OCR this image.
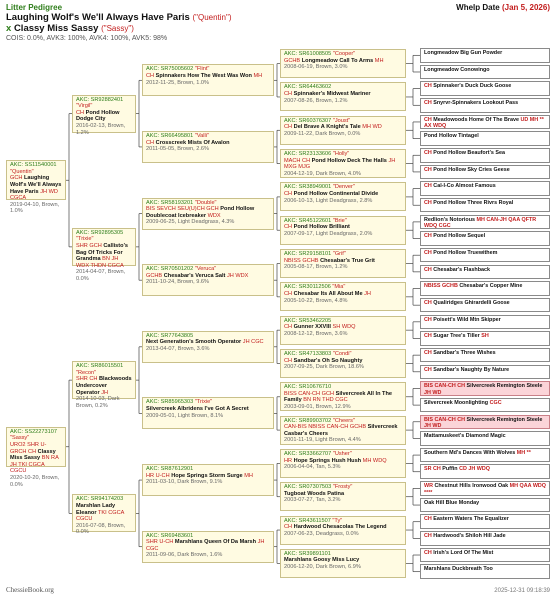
Litter Pedigree	Whelp Date (Jan 5, 2026)
Laughing Wolf's We'll Always Have Paris ("Quentin")
x Classy Miss Sassy ("Sassy")
COIS: 0.0%, AVK3: 100%, AVK4: 100%, AVK5: 98%
AKC: SS11540001 "Quentin"
GCH Laughing Wolf's We'll Always Have Paris JH WD CGCA
2019-04-10, Brown, 1.0%
AKC: SS22273107 "Sassy"
URO2 SHR U-GRCH CH Classy Miss Sassy BN RA JH TKI CGCA CGCU
2020-10-20, Brown, 0.0%
AKC: SR92882401 "Virgil"
CH Pond Hollow Dodge City
2016-02-13, Brown, 1.2%
AKC: SR92895305 "Trixie"
SHR GCH Callisto's Bag Of Tricks For Grandma BN JH WDX THDN CGCA
2014-04-07, Brown, 0.0%
AKC: SR86015501 "Recon"
SHR CH Blackwoods Undercover Operator JH
2014-10-03, Dark Brown, 0.2%
AKC: SR94174203
Marshlan Lady Eleanor TKI CGCA CGCU
2016-07-08, Brown, 0.0%
AKC: SR75005602 "Flint"
CH Spinnakers How The West Was Won MH
2012-11-25, Brown, 1.0%
AKC: SR66495801 "Valli"
CH Crosscreek Mists Of Avalon
2011-05-05, Brown, 2.6%
AKC: SR58193201 "Double"
BIS SEVCH SEU(U)CH GCH Pond Hollow Doublecoat Icebreaker WDX
2009-06-25, Light Deadgrass, 4.3%
AKC: SR70501202 "Veruca"
GCHB Chesabar's Veruca Salt JH WDX
2011-10-24, Brown, 9.6%
AKC: SR77643805
Next Generation's Smooth Operator JH CGC
2013-04-07, Brown, 3.6%
AKC: SR85965303 "Trixie"
Silvercreek Albridens I've Got A Secret
2009-05-01, Light Brown, 8.1%
AKC: SR87612901
HR U-CH Hope Springs Storm Surge MH
2011-03-10, Dark Brown, 9.1%
AKC: SR69483601
SHR U-CH Marshlans Queen Of Da Marsh JH CGC
2011-09-06, Dark Brown, 1.6%
AKC: SR61008505 "Cooper"
GCHB Longmeadow Call To Arms MH
2008-06-19, Brown, 3.0%
AKC: SR64463602
CH Spinnaker's Midwest Mariner
2007-08-26, Brown, 1.2%
AKC: SR60376307 "Joust"
CH Del Brave A Knight's Tale MH WD
2009-11-22, Dark Brown, 0.0%
AKC: SR23133606 "Holly"
MACH CH Pond Hollow Deck The Halls JH MXG MJG
2004-12-19, Dark Brown, 4.0%
AKC: SR38949001 "Denver"
CH Pond Hollow Continental Divide
2006-10-13, Light Deadgrass, 2.8%
AKC: SR45122601 "Brie"
CH Pond Hollow Brilliant
2007-09-17, Light Deadgrass, 2.0%
AKC: SR29158101 "Grif"
NBISS GCHB Chesabar's True Grit
2005-08-17, Brown, 1.2%
AKC: SR30112506 "Mia"
CH Chesabar Its All About Me JH
2005-10-22, Brown, 4.8%
AKC: SR53462205
CH Gunner XXVIII SH WDQ
2008-12-12, Brown, 3.6%
AKC: SR47133803 "Condi"
CH Sandbar's Oh So Naughty
2007-09-25, Dark Brown, 18.6%
AKC: SR10676710
BISS CAN-CH GCH Silvercreek All In The Family BN RN THD CGC
2003-09-01, Brown, 12.9%
AKC: SR89903702 "Cheers"
CAN-BIS NBISS CAN-CH GCHB Silvercreek Casbar's Cheers
2001-11-19, Light Brown, 4.4%
AKC: SR33662707 "Usher"
HR Hope Springs Hush Hush MH WDQ
2006-04-04, Tan, 5.3%
AKC: SR07307503 "Frosty"
Tugboat Woods Patina
2003-07-27, Tan, 3.2%
AKC: SR43611507 "Ty"
CH Hardwood Chesacolas The Legend
2007-06-23, Deadgrass, 0.0%
AKC: SR39891101
Marshlans Goosy Miss Lucy
2006-12-20, Dark Brown, 6.9%
Longmeadow Big Gun Powder
Longmeadow Conowingo
CH Spinnaker's Duck Duck Goose
CH Snyrvr-Spinnakers Lookout Pass
CH Meadowoods Home Of The Brave UD MH ** AX WDQ
Pond Hollow Tintagel
CH Pond Hollow Beaufort's Sea
CH Pond Hollow Sky Cries Geese
CH Cal-I-Co Almost Famous
CH Pond Hollow Three Rivrs Royal
Redlion's Notorious MH CAN-JH QAA QFTR WDQ CGC
CH Pond Hollow Sequel
CH Pond Hollow Truewithem
CH Chesabar's Flashback
NBISS GCHB Chesabar's Copper Mine
CH Qualiridges Ghirardelli Goose
CH Poisett's Wild Mtn Skipper
CH Sugar Tree's Tiller SH
CH Sandbar's Three Wishes
CH Sandbar's Naughty By Nature
BIS CAN-CH CH Silvercreek Remington Steele JH WD
Silvercreek Moonlighting CGC
BIS CAN-CH CH Silvercreek Remington Steele JH WD
Mattamuskeet's Diamond Magic
Southern Md's Dances With Wolves MH **
SR CH Puffin CD JH WDQ
WR Chestnut Hills Ironwood Oak MH QAA WDQ ****
Oak Hill Blue Monday
CH Eastern Waters The Equalizer
CH Hardwood's Shiloh Hill Jade
CH Irish's Lord Of The Mist
Marshlans Duckbreath Too
ChessieBook.org	2025-12-31 09:18:39
